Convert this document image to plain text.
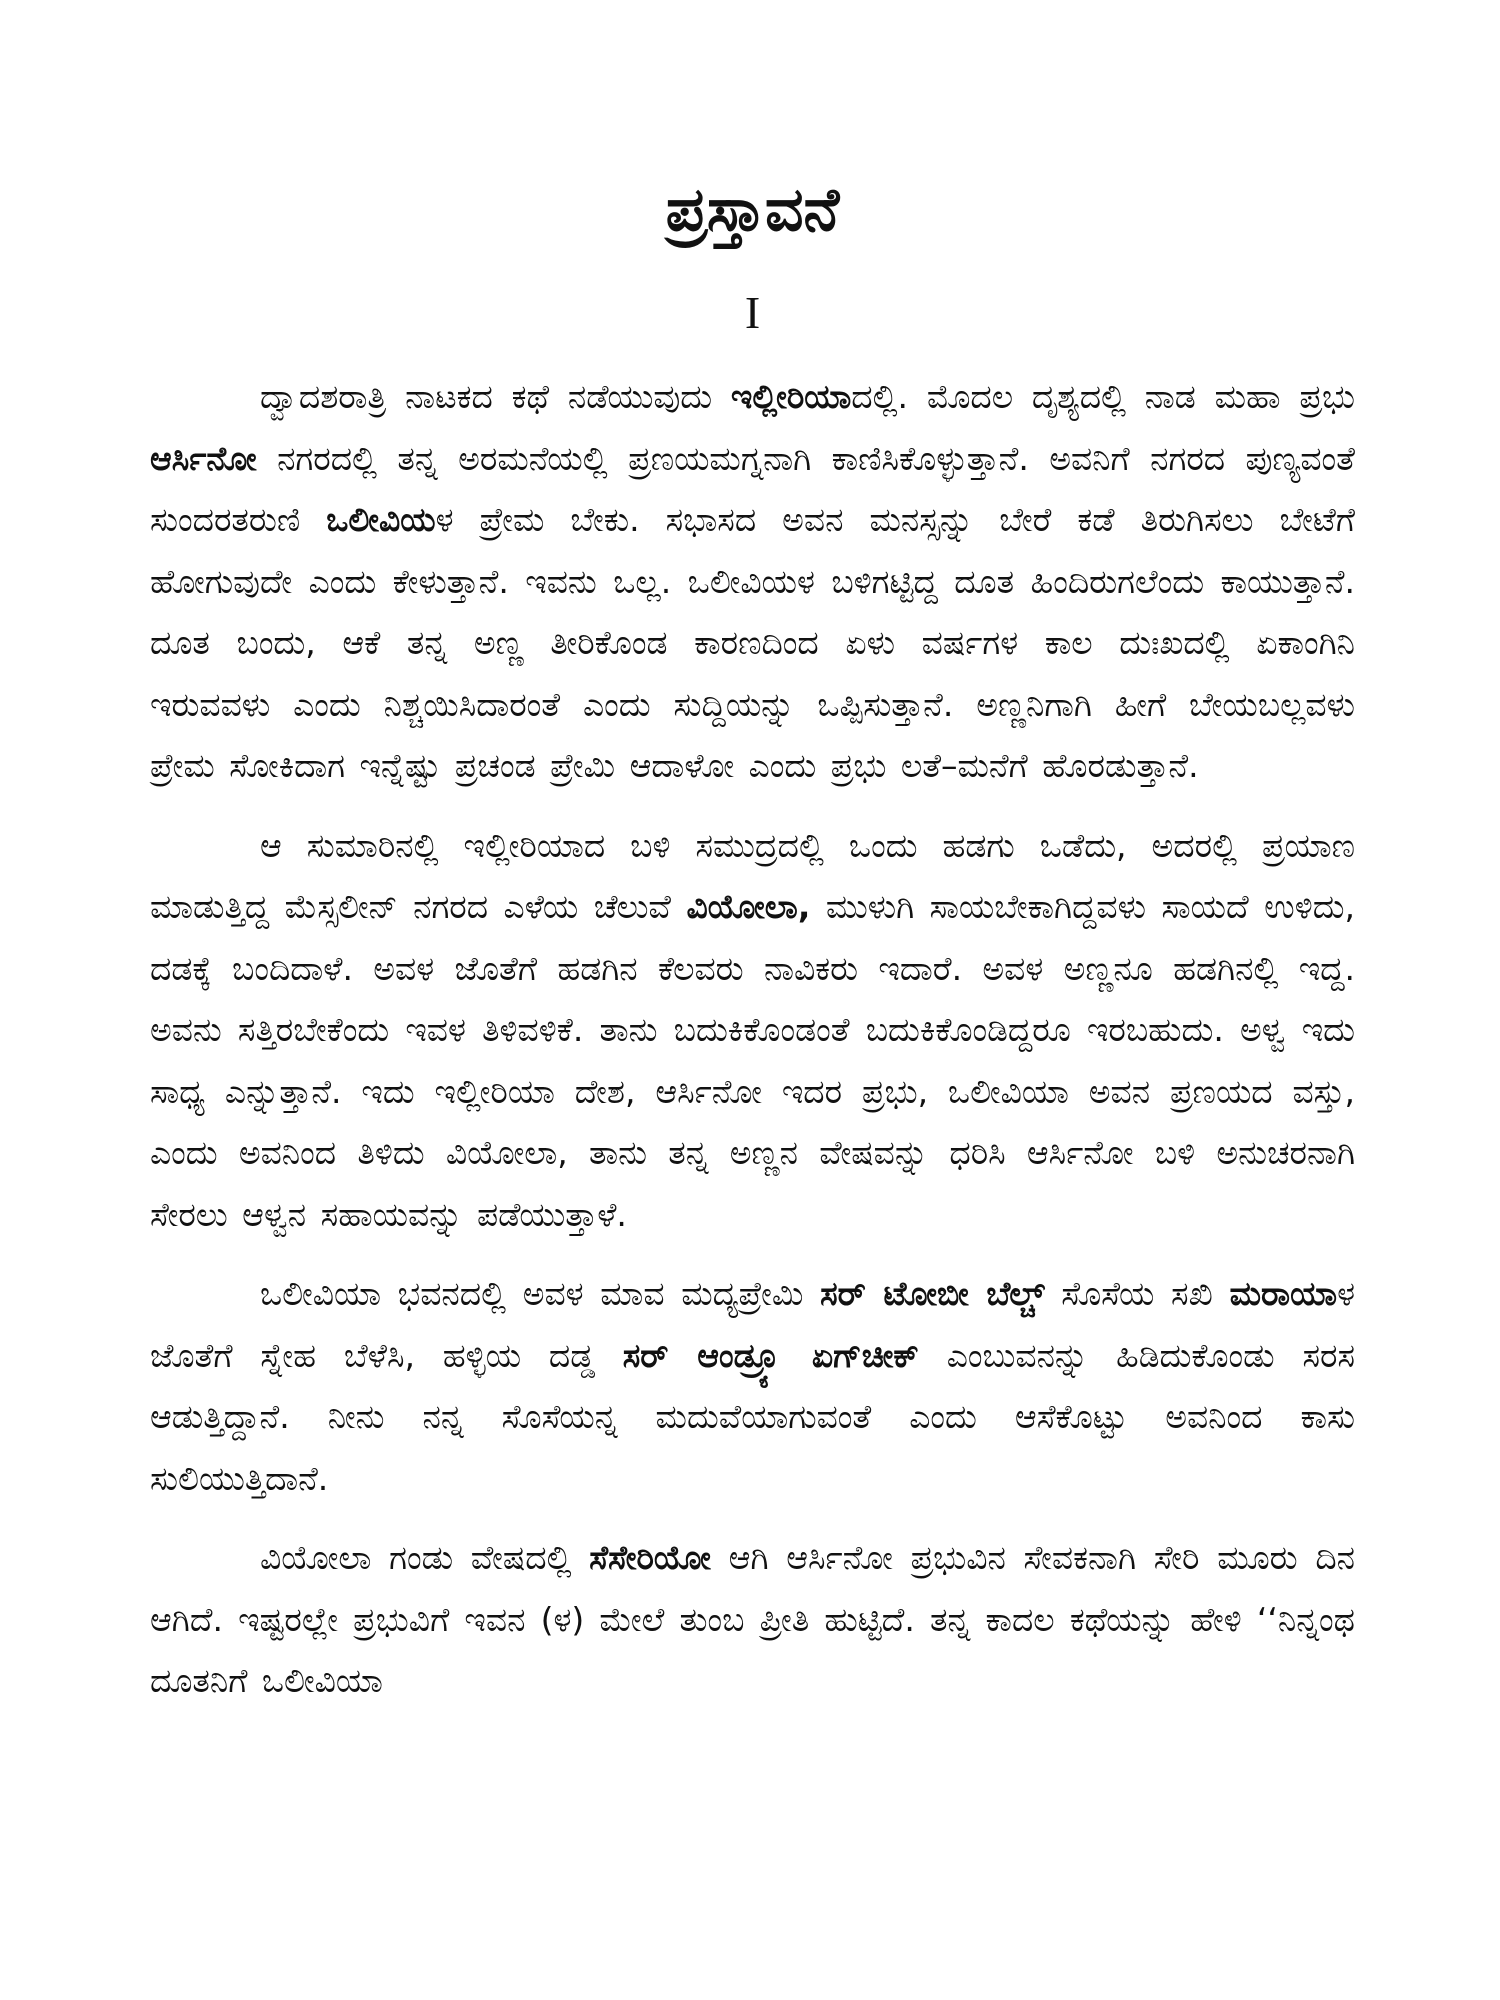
ಪ್ರಸ್ತಾವನೆ
I

ದ್ವಾದಶರಾತ್ರಿ ನಾಟಕದ ಕಥೆ ನಡೆಯುವುದು ಇಲ್ಲೀರಿಯಾದಲ್ಲಿ. ಮೊದಲ ದೃಶ್ಯದಲ್ಲಿ ನಾಡ ಮಹಾ ಪ್ರಭು ಆರ್ಸಿನೋ ನಗರದಲ್ಲಿ ತನ್ನ ಅರಮನೆಯಲ್ಲಿ ಪ್ರಣಯಮಗ್ನನಾಗಿ ಕಾಣಿಸಿಕೊಳ್ಳುತ್ತಾನೆ. ಅವನಿಗೆ ನಗರದ ಪುಣ್ಯವಂತೆ ಸುಂದರತರುಣಿ ಒಲೀವಿಯಳ ಪ್ರೇಮ ಬೇಕು. ಸಭಾಸದ ಅವನ ಮನಸ್ಸನ್ನು ಬೇರೆ ಕಡೆ ತಿರುಗಿಸಲು ಬೇಟೆಗೆ ಹೋಗುವುದೇ ಎಂದು ಕೇಳುತ್ತಾನೆ. ಇವನು ಒಲ್ಲ. ಒಲೀವಿಯಳ ಬಳಿಗಟ್ಟಿದ್ದ ದೂತ ಹಿಂದಿರುಗಲೆಂದು ಕಾಯುತ್ತಾನೆ. ದೂತ ಬಂದು, ಆಕೆ ತನ್ನ ಅಣ್ಣ ತೀರಿಕೊಂಡ ಕಾರಣದಿಂದ ಏಳು ವರ್ಷಗಳ ಕಾಲ ದುಃಖದಲ್ಲಿ ಏಕಾಂಗಿನಿ ಇರುವವಳು ಎಂದು ನಿಶ್ಚಯಿಸಿದಾರಂತೆ ಎಂದು ಸುದ್ದಿಯನ್ನು ಒಪ್ಪಿಸುತ್ತಾನೆ. ಅಣ್ಣನಿಗಾಗಿ ಹೀಗೆ ಬೇಯಬಲ್ಲವಳು ಪ್ರೇಮ ಸೋಕಿದಾಗ ಇನ್ನೆಷ್ಟು ಪ್ರಚಂಡ ಪ್ರೇಮಿ ಆದಾಳೋ ಎಂದು ಪ್ರಭು ಲತೆ–ಮನೆಗೆ ಹೊರಡುತ್ತಾನೆ.

ಆ ಸುಮಾರಿನಲ್ಲಿ ಇಲ್ಲೀರಿಯಾದ ಬಳಿ ಸಮುದ್ರದಲ್ಲಿ ಒಂದು ಹಡಗು ಒಡೆದು, ಅದರಲ್ಲಿ ಪ್ರಯಾಣ ಮಾಡುತ್ತಿದ್ದ ಮೆಸ್ಸಲೀನ್ ನಗರದ ಎಳೆಯ ಚೆಲುವೆ ವಿಯೋಲಾ, ಮುಳುಗಿ ಸಾಯಬೇಕಾಗಿದ್ದವಳು ಸಾಯದೆ ಉಳಿದು, ದಡಕ್ಕೆ ಬಂದಿದಾಳೆ. ಅವಳ ಜೊತೆಗೆ ಹಡಗಿನ ಕೆಲವರು ನಾವಿಕರು ಇದಾರೆ. ಅವಳ ಅಣ್ಣನೂ ಹಡಗಿನಲ್ಲಿ ಇದ್ದ. ಅವನು ಸತ್ತಿರಬೇಕೆಂದು ಇವಳ ತಿಳಿವಳಿಕೆ. ತಾನು ಬದುಕಿಕೊಂಡಂತೆ ಬದುಕಿಕೊಂಡಿದ್ದರೂ ಇರಬಹುದು. ಅಳ್ವ ಇದು ಸಾಧ್ಯ ಎನ್ನುತ್ತಾನೆ. ಇದು ಇಲ್ಲೀರಿಯಾ ದೇಶ, ಆರ್ಸಿನೋ ಇದರ ಪ್ರಭು, ಒಲೀವಿಯಾ ಅವನ ಪ್ರಣಯದ ವಸ್ತು, ಎಂದು ಅವನಿಂದ ತಿಳಿದು ವಿಯೋಲಾ, ತಾನು ತನ್ನ ಅಣ್ಣನ ವೇಷವನ್ನು ಧರಿಸಿ ಆರ್ಸಿನೋ ಬಳಿ ಅನುಚರನಾಗಿ ಸೇರಲು ಆಳ್ವನ ಸಹಾಯವನ್ನು ಪಡೆಯುತ್ತಾಳೆ.

ಒಲೀವಿಯಾ ಭವನದಲ್ಲಿ ಅವಳ ಮಾವ ಮದ್ಯಪ್ರೇಮಿ ಸರ್ ಟೋಬೀ ಬೆಲ್ಚ್ ಸೊಸೆಯ ಸಖಿ ಮರಾಯಾಳ ಜೊತೆಗೆ ಸ್ನೇಹ ಬೆಳೆಸಿ, ಹಳ್ಳಿಯ ದಡ್ಡ ಸರ್ ಆಂಡ್ರ್ಯೂ ಏಗ್‌ಚೀಕ್ ಎಂಬುವನನ್ನು ಹಿಡಿದುಕೊಂಡು ಸರಸ ಆಡುತ್ತಿದ್ದಾನೆ. ನೀನು ನನ್ನ ಸೊಸೆಯನ್ನ ಮದುವೆಯಾಗುವಂತೆ ಎಂದು ಆಸೆಕೊಟ್ಟು ಅವನಿಂದ ಕಾಸು ಸುಲಿಯುತ್ತಿದಾನೆ.

ವಿಯೋಲಾ ಗಂಡು ವೇಷದಲ್ಲಿ ಸೆಸೇರಿಯೋ ಆಗಿ ಆರ್ಸಿನೋ ಪ್ರಭುವಿನ ಸೇವಕನಾಗಿ ಸೇರಿ ಮೂರು ದಿನ ಆಗಿದೆ. ಇಷ್ಟರಲ್ಲೇ ಪ್ರಭುವಿಗೆ ಇವನ (ಳ) ಮೇಲೆ ತುಂಬ ಪ್ರೀತಿ ಹುಟ್ಟಿದೆ. ತನ್ನ ಕಾದಲ ಕಥೆಯನ್ನು ಹೇಳಿ ‘‘ನಿನ್ನಂಥ ದೂತನಿಗೆ ಒಲೀವಿಯಾ
